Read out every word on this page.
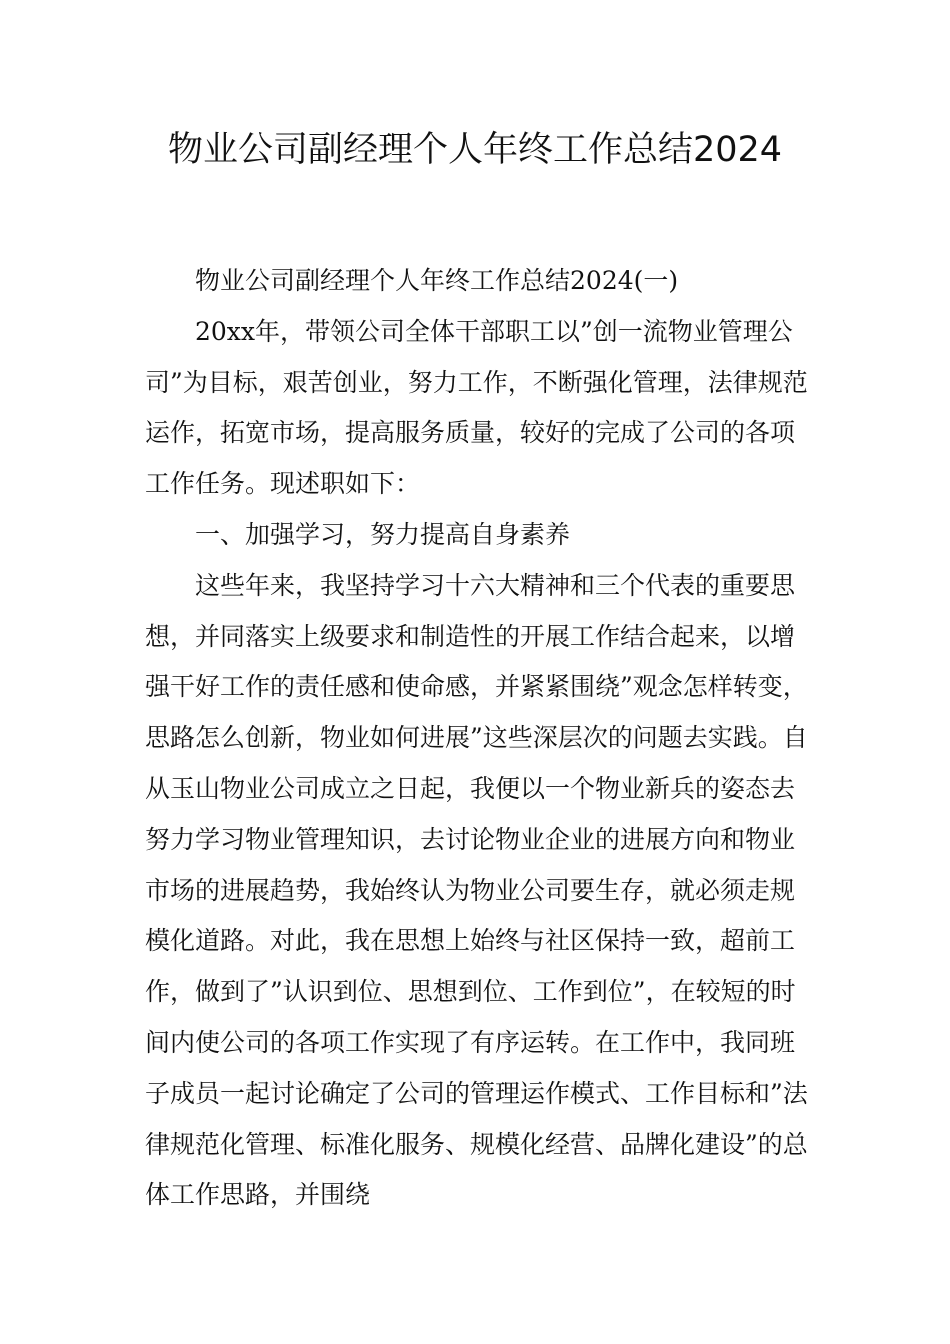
物业公司副经理个人年终工作总结2024

物业公司副经理个人年终工作总结2024(一)

20xx年，带领公司全体干部职工以”创一流物业管理公司”为目标，艰苦创业，努力工作，不断强化管理，法律规范运作，拓宽市场，提高服务质量，较好的完成了公司的各项工作任务。现述职如下：

一、加强学习，努力提高自身素养

这些年来，我坚持学习十六大精神和三个代表的重要思想，并同落实上级要求和制造性的开展工作结合起来，以增强干好工作的责任感和使命感，并紧紧围绕”观念怎样转变，思路怎么创新，物业如何进展”这些深层次的问题去实践。自从玉山物业公司成立之日起，我便以一个物业新兵的姿态去努力学习物业管理知识，去讨论物业企业的进展方向和物业市场的进展趋势，我始终认为物业公司要生存，就必须走规模化道路。对此，我在思想上始终与社区保持一致，超前工作，做到了”认识到位、思想到位、工作到位”，在较短的时间内使公司的各项工作实现了有序运转。在工作中，我同班子成员一起讨论确定了公司的管理运作模式、工作目标和”法律规范化管理、标准化服务、规模化经营、品牌化建设”的总体工作思路，并围绕
